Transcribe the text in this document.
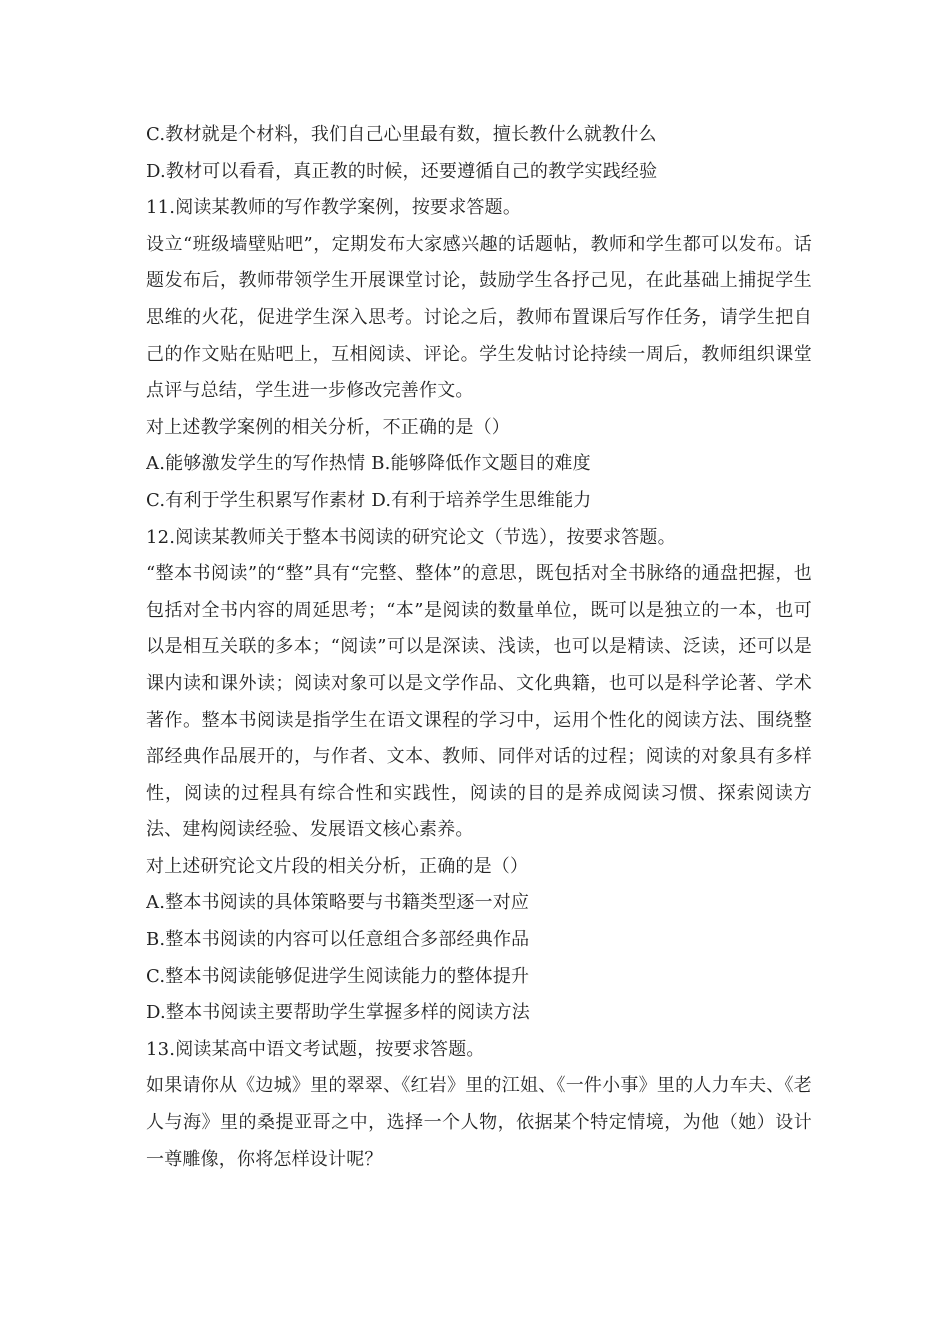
C.教材就是个材料，我们自己心里最有数，擅长教什么就教什么
D.教材可以看看，真正教的时候，还要遵循自己的教学实践经验
11.阅读某教师的写作教学案例，按要求答题。
设立“班级墙壁贴吧”，定期发布大家感兴趣的话题帖，教师和学生都可以发布。话题发布后，教师带领学生开展课堂讨论，鼓励学生各抒己见，在此基础上捕捉学生思维的火花，促进学生深入思考。讨论之后，教师布置课后写作任务，请学生把自己的作文贴在贴吧上，互相阅读、评论。学生发帖讨论持续一周后，教师组织课堂点评与总结，学生进一步修改完善作文。
对上述教学案例的相关分析，不正确的是（）
A.能够激发学生的写作热情 B.能够降低作文题目的难度
C.有利于学生积累写作素材 D.有利于培养学生思维能力
12.阅读某教师关于整本书阅读的研究论文（节选），按要求答题。
“整本书阅读”的“整”具有“完整、整体”的意思，既包括对全书脉络的通盘把握，也包括对全书内容的周延思考；“本”是阅读的数量单位，既可以是独立的一本，也可以是相互关联的多本；“阅读”可以是深读、浅读，也可以是精读、泛读，还可以是课内读和课外读；阅读对象可以是文学作品、文化典籍，也可以是科学论著、学术著作。整本书阅读是指学生在语文课程的学习中，运用个性化的阅读方法、围绕整部经典作品展开的，与作者、文本、教师、同伴对话的过程；阅读的对象具有多样性，阅读的过程具有综合性和实践性，阅读的目的是养成阅读习惯、探索阅读方法、建构阅读经验、发展语文核心素养。
对上述研究论文片段的相关分析，正确的是（）
A.整本书阅读的具体策略要与书籍类型逐一对应
B.整本书阅读的内容可以任意组合多部经典作品
C.整本书阅读能够促进学生阅读能力的整体提升
D.整本书阅读主要帮助学生掌握多样的阅读方法
13.阅读某高中语文考试题，按要求答题。
如果请你从《边城》里的翠翠、《红岩》里的江姐、《一件小事》里的人力车夫、《老人与海》里的桑提亚哥之中，选择一个人物，依据某个特定情境，为他（她）设计一尊雕像，你将怎样设计呢？
